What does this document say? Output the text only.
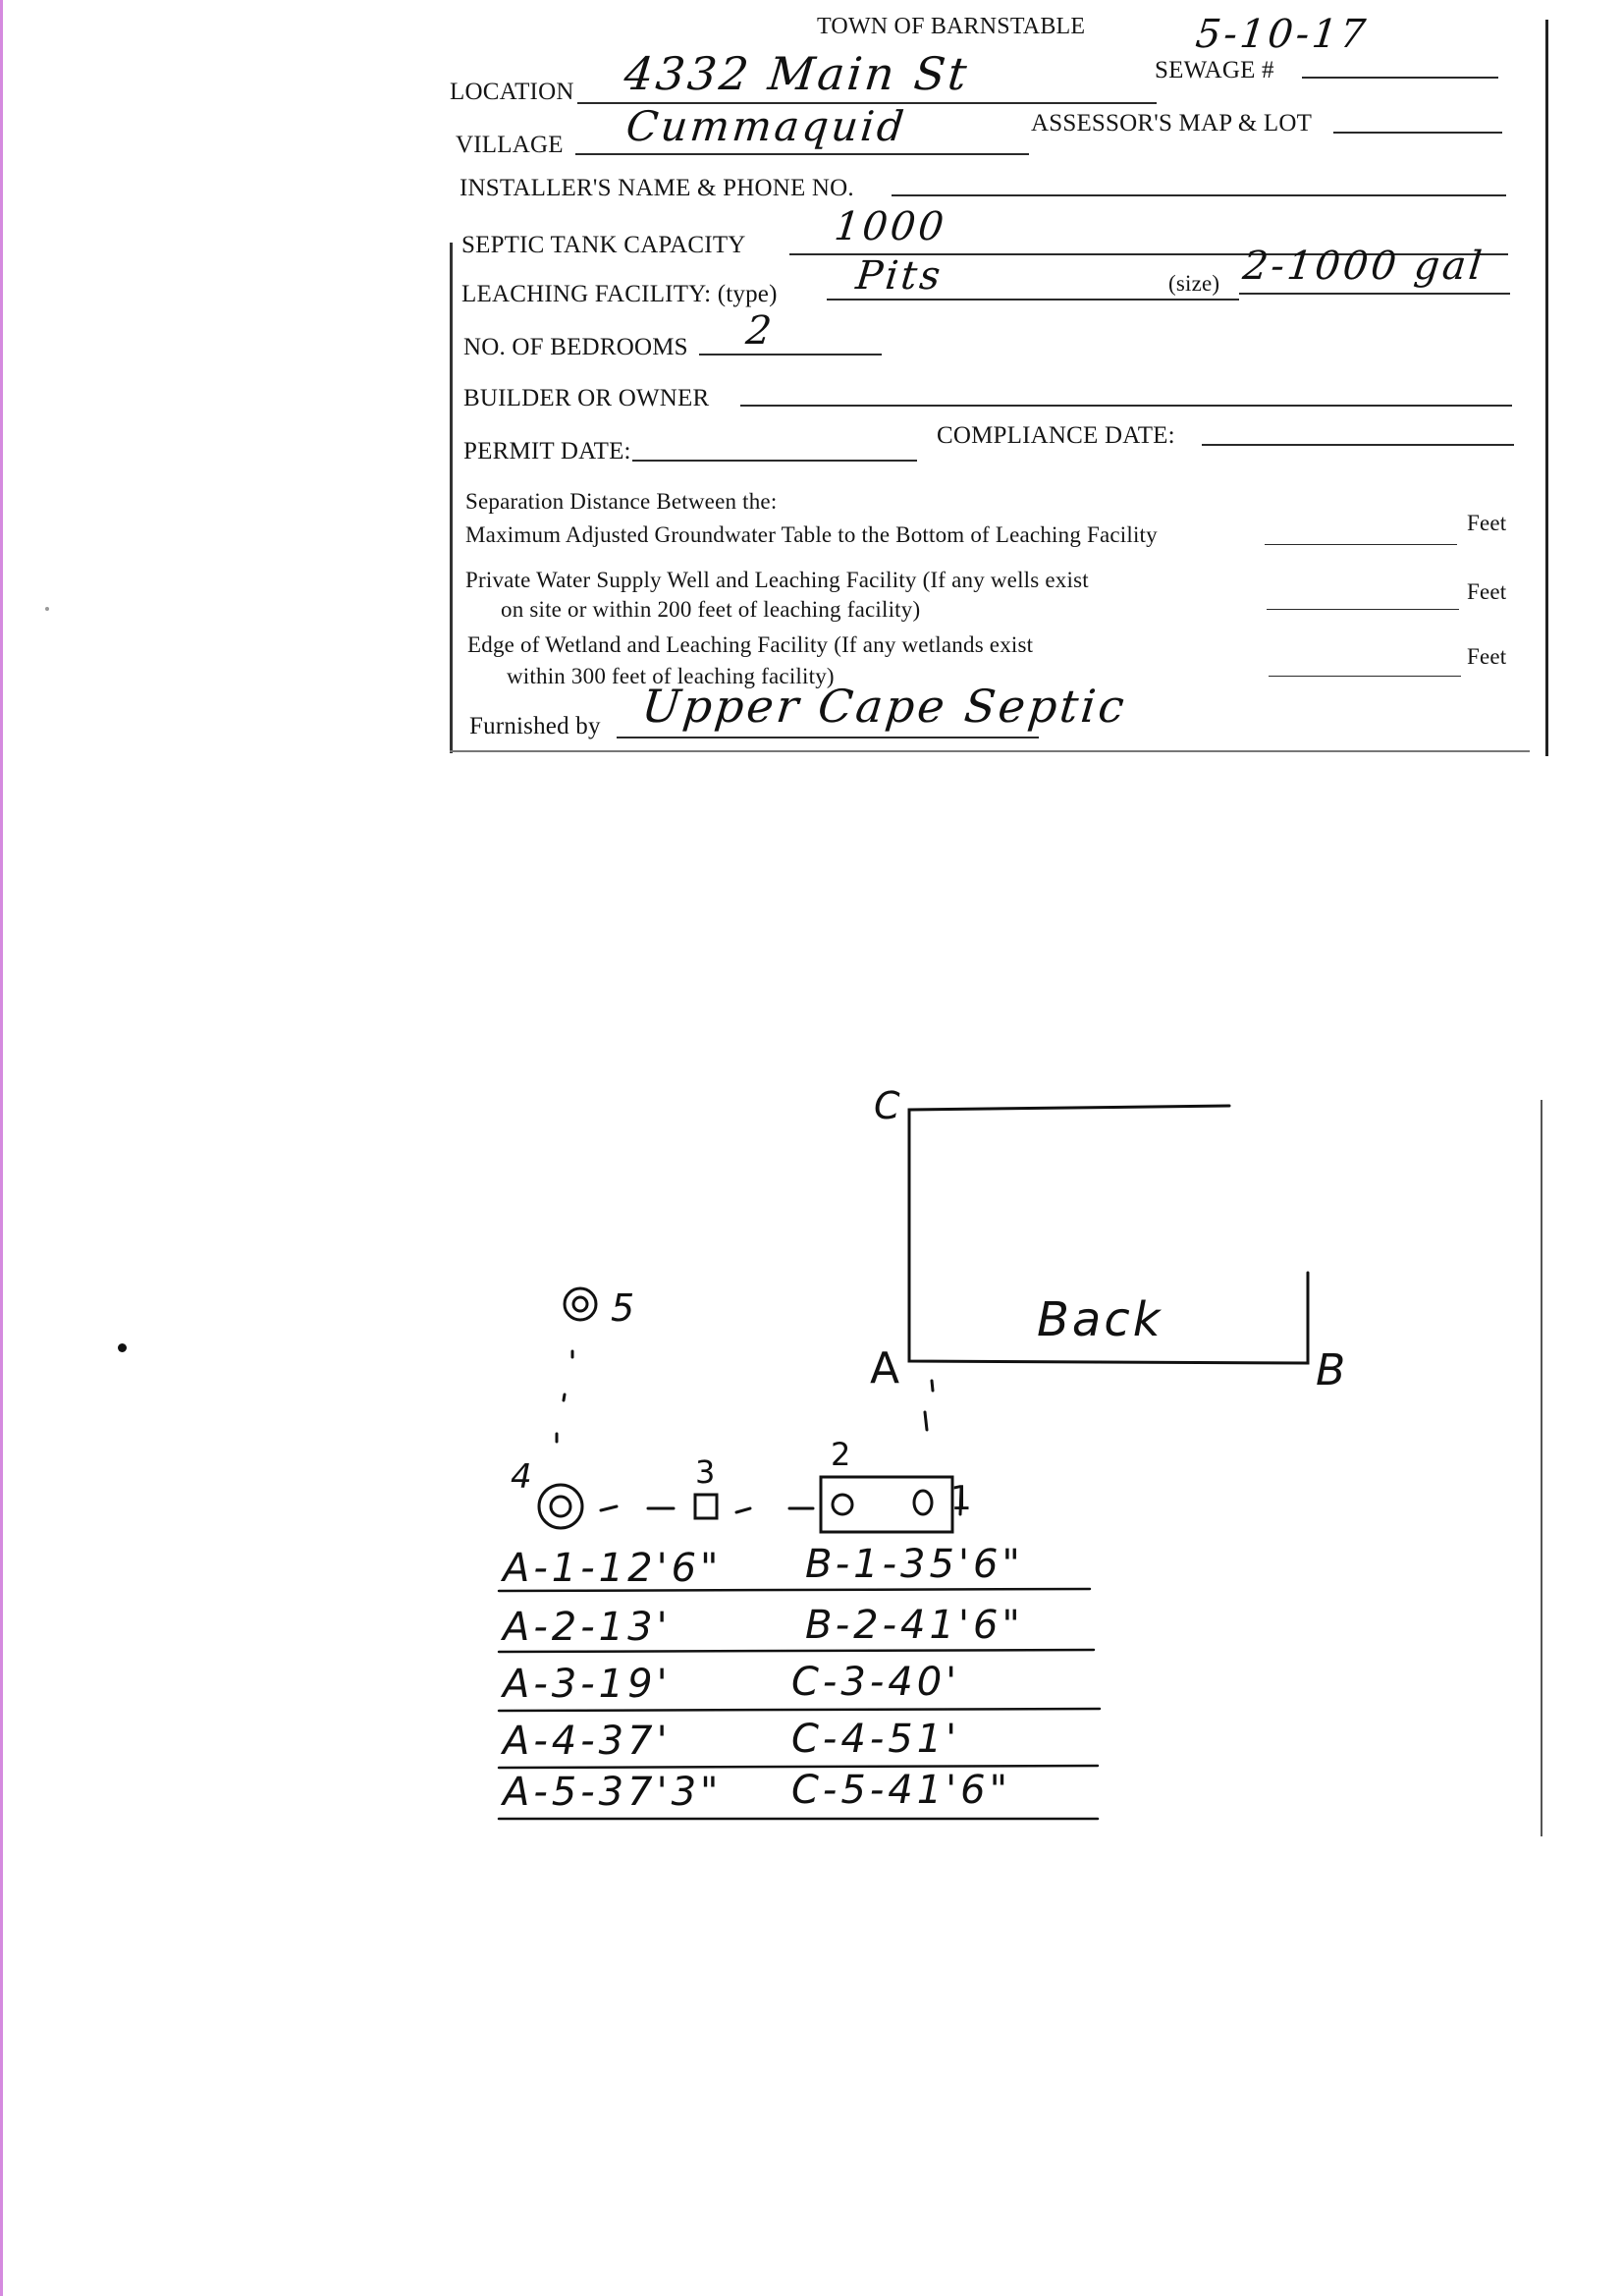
TOWN OF BARNSTABLE	5-10-17
LOCATION 4332 Main St	SEWAGE #
VILLAGE Cummaquid	ASSESSOR'S MAP & LOT
INSTALLER'S NAME & PHONE NO.
SEPTIC TANK CAPACITY 1000
LEACHING FACILITY: (type) Pits	(size) 2-1000 gal
NO. OF BEDROOMS 2
BUILDER OR OWNER
PERMIT DATE:
COMPLIANCE DATE:
Separation Distance Between the:
Maximum Adjusted Groundwater Table to the Bottom of Leaching Facility	Feet
Private Water Supply Well and Leaching Facility (If any wells exist
on site or within 200 feet of leaching facility)
Feet
Edge of Wetland and Leaching Facility (If any wetlands exist
within 300 feet of leaching facility)
Feet
Furnished by Upper Cape Septic
C
A	B
Back
5
4	3	2
1
A-1-12'6" B-1-35'6"
A-2-13'	B-2-41'6"
A-3-19'	C-3-40'
A-4-37'	C-4-51'
A-5-37'3" C-5-41'6"
